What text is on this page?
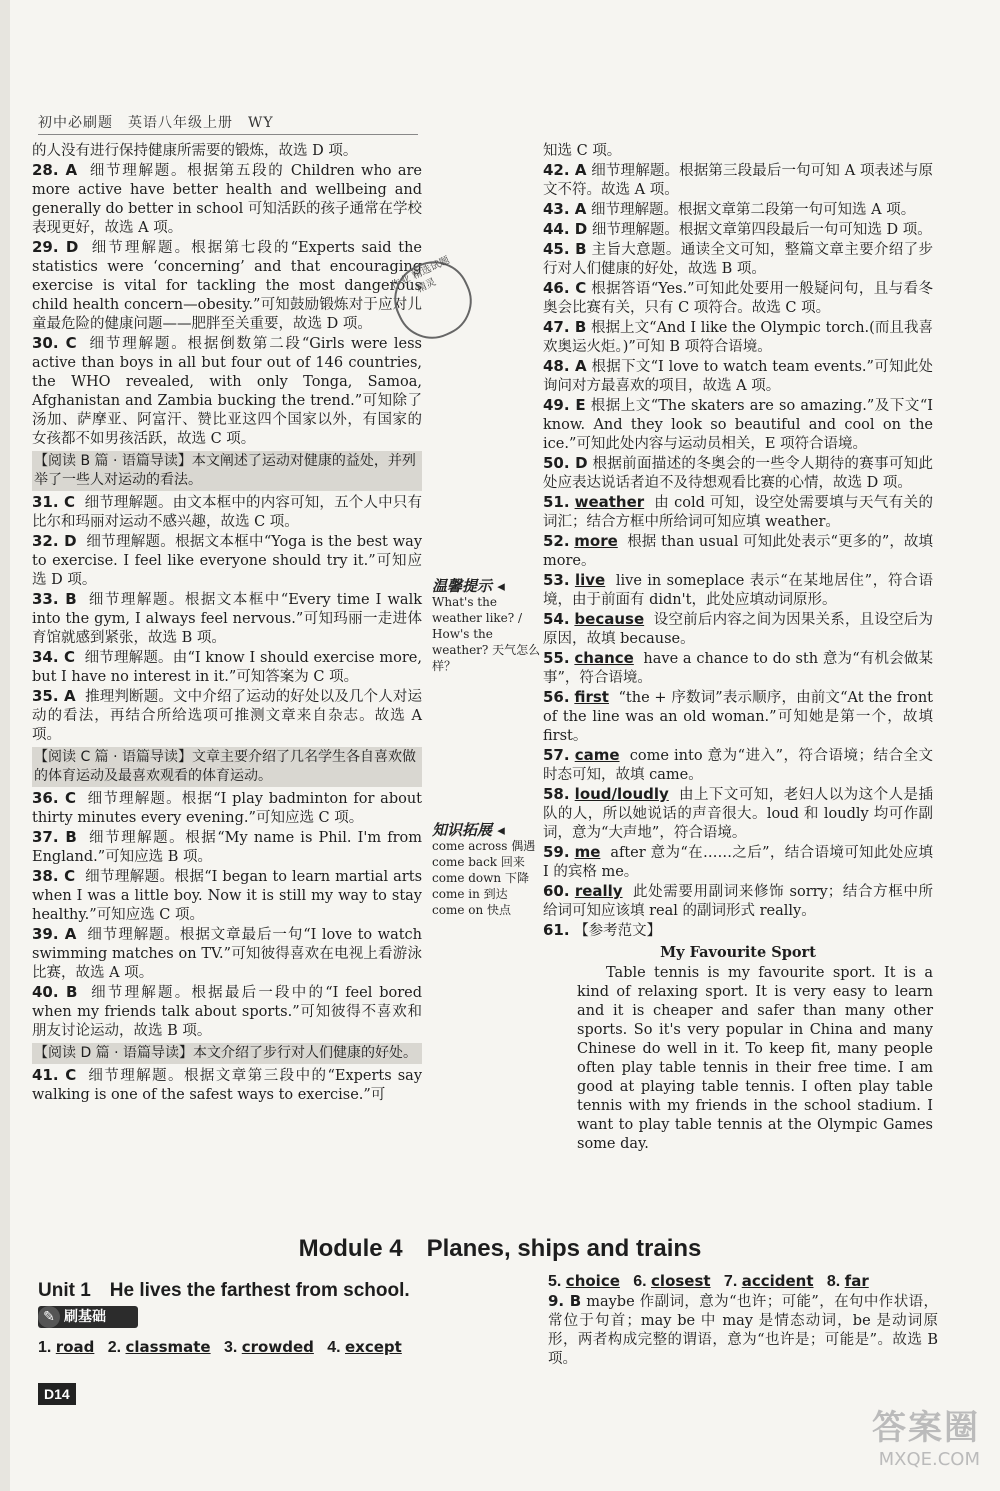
初中必刷题　英语八年级上册　WY
的人没有进行保持健康所需要的锻炼，故选 D 项。
28. A 细节理解题。根据第五段的 Children who are more active have better health and wellbeing and generally do better in school 可知活跃的孩子通常在学校表现更好，故选 A 项。
29. D 细节理解题。根据第七段的“Experts said the statistics were ‘concerning’ and that encouraging exercise is vital for tackling the most dangerous child health concern—obesity.”可知鼓励锻炼对于应对儿童最危险的健康问题——肥胖至关重要，故选 D 项。
30. C 细节理解题。根据倒数第二段“Girls were less active than boys in all but four out of 146 countries, the WHO revealed, with only Tonga, Samoa, Afghanistan and Zambia bucking the trend.”可知除了汤加、萨摩亚、阿富汗、赞比亚这四个国家以外，有国家的女孩都不如男孩活跃，故选 C 项。
【阅读 B 篇 · 语篇导读】本文阐述了运动对健康的益处，并列举了一些人对运动的看法。
31. C 细节理解题。由文本框中的内容可知，五个人中只有比尔和玛丽对运动不感兴趣，故选 C 项。
32. D 细节理解题。根据文本框中“Yoga is the best way to exercise. I feel like everyone should try it.”可知应选 D 项。
33. B 细节理解题。根据文本框中“Every time I walk into the gym, I always feel nervous.”可知玛丽一走进体育馆就感到紧张，故选 B 项。
34. C 细节理解题。由“I know I should exercise more, but I have no interest in it.”可知答案为 C 项。
35. A 推理判断题。文中介绍了运动的好处以及几个人对运动的看法，再结合所给选项可推测文章来自杂志。故选 A 项。
【阅读 C 篇 · 语篇导读】文章主要介绍了几名学生各自喜欢做的体育运动及最喜欢观看的体育运动。
36. C 细节理解题。根据“I play badminton for about thirty minutes every evening.”可知应选 C 项。
37. B 细节理解题。根据“My name is Phil. I'm from England.”可知应选 B 项。
38. C 细节理解题。根据“I began to learn martial arts when I was a little boy. Now it is still my way to stay healthy.”可知应选 C 项。
39. A 细节理解题。根据文章最后一句“I love to watch swimming matches on TV.”可知彼得喜欢在电视上看游泳比赛，故选 A 项。
40. B 细节理解题。根据最后一段中的“I feel bored when my friends talk about sports.”可知彼得不喜欢和朋友讨论运动，故选 B 项。
【阅读 D 篇 · 语篇导读】本文介绍了步行对人们健康的好处。
41. C 细节理解题。根据文章第三段中的“Experts say walking is one of the safest ways to exercise.”可
知选 C 项。
42. A 细节理解题。根据第三段最后一句可知 A 项表述与原文不符。故选 A 项。
43. A 细节理解题。根据文章第二段第一句可知选 A 项。
44. D 细节理解题。根据文章第四段最后一句可知选 D 项。
45. B 主旨大意题。通读全文可知，整篇文章主要介绍了步行对人们健康的好处，故选 B 项。
46. C 根据答语“Yes.”可知此处要用一般疑问句，且与看冬奥会比赛有关，只有 C 项符合。故选 C 项。
47. B 根据上文“And I like the Olympic torch.(而且我喜欢奥运火炬。)”可知 B 项符合语境。
48. A 根据下文“I love to watch team events.”可知此处询问对方最喜欢的项目，故选 A 项。
49. E 根据上文“The skaters are so amazing.”及下文“I know. And they look so beautiful and cool on the ice.”可知此处内容与运动员相关，E 项符合语境。
50. D 根据前面描述的冬奥会的一些令人期待的赛事可知此处应表达说话者迫不及待想观看比赛的心情，故选 D 项。
51. weather 由 cold 可知，设空处需要填与天气有关的词汇；结合方框中所给词可知应填 weather。
52. more 根据 than usual 可知此处表示“更多的”，故填 more。
53. live live in someplace 表示“在某地居住”，符合语境，由于前面有 didn't，此处应填动词原形。
54. because 设空前后内容之间为因果关系，且设空后为原因，故填 because。
55. chance have a chance to do sth 意为“有机会做某事”，符合语境。
56. first “the + 序数词”表示顺序，由前文“At the front of the line was an old woman.”可知她是第一个，故填 first。
57. came come into 意为“进入”，符合语境；结合全文时态可知，故填 came。
58. loud/loudly 由上下文可知，老妇人以为这个人是插队的人，所以她说话的声音很大。loud 和 loudly 均可作副词，意为“大声地”，符合语境。
59. me after 意为“在……之后”，结合语境可知此处应填 I 的宾格 me。
60. really 此处需要用副词来修饰 sorry；结合方框中所给词可知应该填 real 的副词形式 really。
61. 【参考范文】
My Favourite Sport
Table tennis is my favourite sport. It is a kind of relaxing sport. It is very easy to learn and it is cheaper and safer than many other sports. So it's very popular in China and many Chinese do well in it. To keep fit, many people often play table tennis in their free time. I am good at playing table tennis. I often play table tennis with my friends in the school stadium. I want to play table tennis at the Olympic Games some day.
作业 精选试题 精灵
温馨提示 ◂
What's the weather like? / How's the weather? 天气怎么样？
知识拓展 ◂
come across 偶遇
come back 回来
come down 下降
come in 到达
come on 快点
Module 4　Planes, ships and trains
Unit 1　He lives the farthest from school.
✎ 刷基础
1. road 2. classmate 3. crowded 4. except
5. choice 6. closest 7. accident 8. far
9. B maybe 作副词，意为“也许；可能”，在句中作状语，常位于句首；may be 中 may 是情态动词，be 是动词原形，两者构成完整的谓语，意为“也许是；可能是”。故选 B 项。
D14
答案圈
MXQE.COM
